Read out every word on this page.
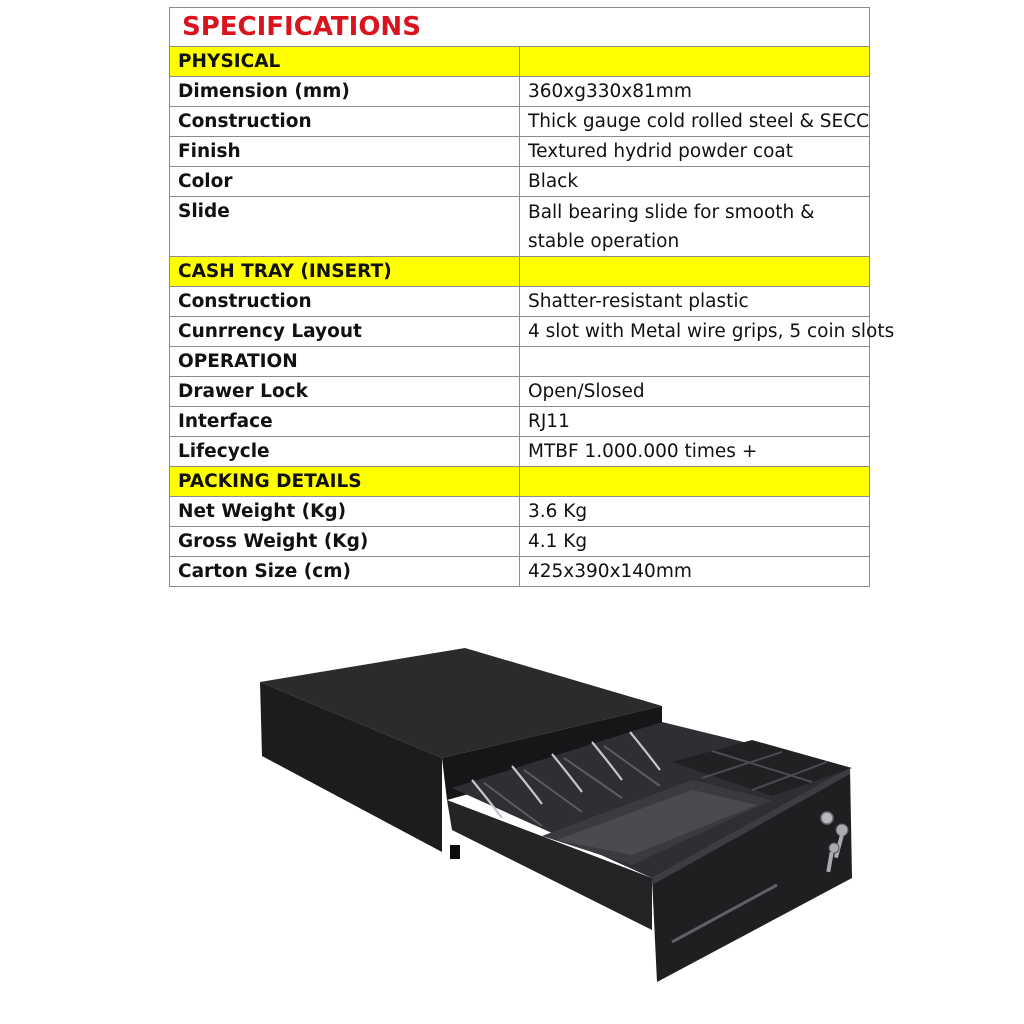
SPECIFICATIONS	
PHYSICAL	
Dimension (mm)	360xg330x81mm
Construction	Thick gauge cold rolled steel & SECC
Finish	Textured hydrid powder coat
Color	Black
Slide	Ball bearing slide for smooth & stable operation
CASH TRAY (INSERT)	
Construction	Shatter-resistant plastic
Cunrrency Layout	4 slot with Metal wire grips, 5 coin slots
OPERATION	
Drawer Lock	Open/Slosed
Interface	RJ11
Lifecycle	MTBF 1.000.000 times +
PACKING DETAILS	
Net Weight (Kg)	3.6 Kg
Gross Weight (Kg)	4.1 Kg
Carton Size (cm)	425x390x140mm
